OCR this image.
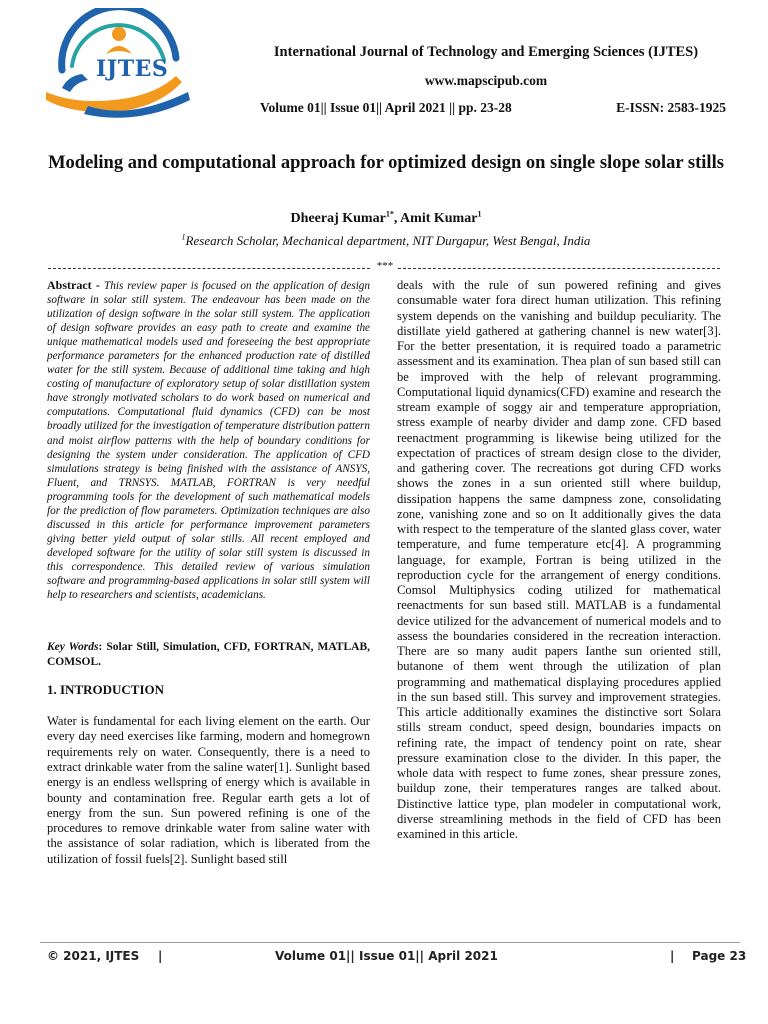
IJTES
International Journal of Technology and Emerging Sciences (IJTES)
www.mapscipub.com
Volume 01|| Issue 01|| April 2021 || pp. 23-28	E-ISSN: 2583-1925
Modeling and computational approach for optimized design on single slope solar stills
Dheeraj Kumar$^{1*}$, Amit Kumar$^1$
$^1$Research Scholar, Mechanical department, NIT Durgapur, West Bengal, India
***
Abstract - This review paper is focused on the application of design software in solar still system. The endeavour has been made on the utilization of design software in the solar still system. The application of design software provides an easy path to create and examine the unique mathematical models used and foreseeing the best appropriate performance parameters for the enhanced production rate of distilled water for the still system. Because of additional time taking and high costing of manufacture of exploratory setup of solar distillation system have strongly motivated scholars to do work based on numerical and computations. Computational fluid dynamics (CFD) can be most broadly utilized for the investigation of temperature distribution pattern and moist airflow patterns with the help of boundary conditions for designing the system under consideration. The application of CFD simulations strategy is being finished with the assistance of ANSYS, Fluent, and TRNSYS. MATLAB, FORTRAN is very needful programming tools for the development of such mathematical models for the prediction of flow parameters. Optimization techniques are also discussed in this article for performance improvement parameters giving better yield output of solar stills. All recent employed and developed software for the utility of solar still system is discussed in this correspondence. This detailed review of various simulation software and programming-based applications in solar still system will help to researchers and scientists, academicians.
Key Words: Solar Still, Simulation, CFD, FORTRAN, MATLAB, COMSOL.
1. INTRODUCTION
Water is fundamental for each living element on the earth. Our every day need exercises like farming, modern and homegrown requirements rely on water. Consequently, there is a need to extract drinkable water from the saline water[1]. Sunlight based energy is an endless wellspring of energy which is available in bounty and contamination free. Regular earth gets a lot of energy from the sun. Sun powered refining is one of the procedures to remove drinkable water from saline water with the assistance of solar radiation, which is liberated from the utilization of fossil fuels[2]. Sunlight based still
deals with the rule of sun powered refining and gives consumable water fora direct human utilization. This refining system depends on the vanishing and buildup peculiarity. The distillate yield gathered at gathering channel is new water[3]. For the better presentation, it is required toado a parametric assessment and its examination. Thea plan of sun based still can be improved with the help of relevant programming. Computational liquid dynamics(CFD) examine and research the stream example of soggy air and temperature appropriation, stress example of nearby divider and damp zone. CFD based reenactment programming is likewise being utilized for the expectation of practices of stream design close to the divider, and gathering cover. The recreations got during CFD works shows the zones in a sun oriented still where buildup, dissipation happens the same dampness zone, consolidating zone, vanishing zone and so on It additionally gives the data with respect to the temperature of the slanted glass cover, water temperature, and fume temperature etc[4]. A programming language, for example, Fortran is being utilized in the reproduction cycle for the arrangement of energy conditions. Comsol Multiphysics coding utilized for mathematical reenactments for sun based still. MATLAB is a fundamental device utilized for the advancement of numerical models and to assess the boundaries considered in the recreation interaction. There are so many audit papers Ianthe sun oriented still, butanone of them went through the utilization of plan programming and mathematical displaying procedures applied in the sun based still. This survey and improvement strategies. This article additionally examines the distinctive sort Solara stills stream conduct, speed design, boundaries impacts on refining rate, the impact of tendency point on rate, shear pressure examination close to the divider. In this paper, the whole data with respect to fume zones, shear pressure zones, buildup zone, their temperatures ranges are talked about. Distinctive lattice type, plan modeler in computational work, diverse streamlining methods in the field of CFD has been examined in this article.
© 2021, IJTES |	Volume 01|| Issue 01|| April 2021	| Page 23
